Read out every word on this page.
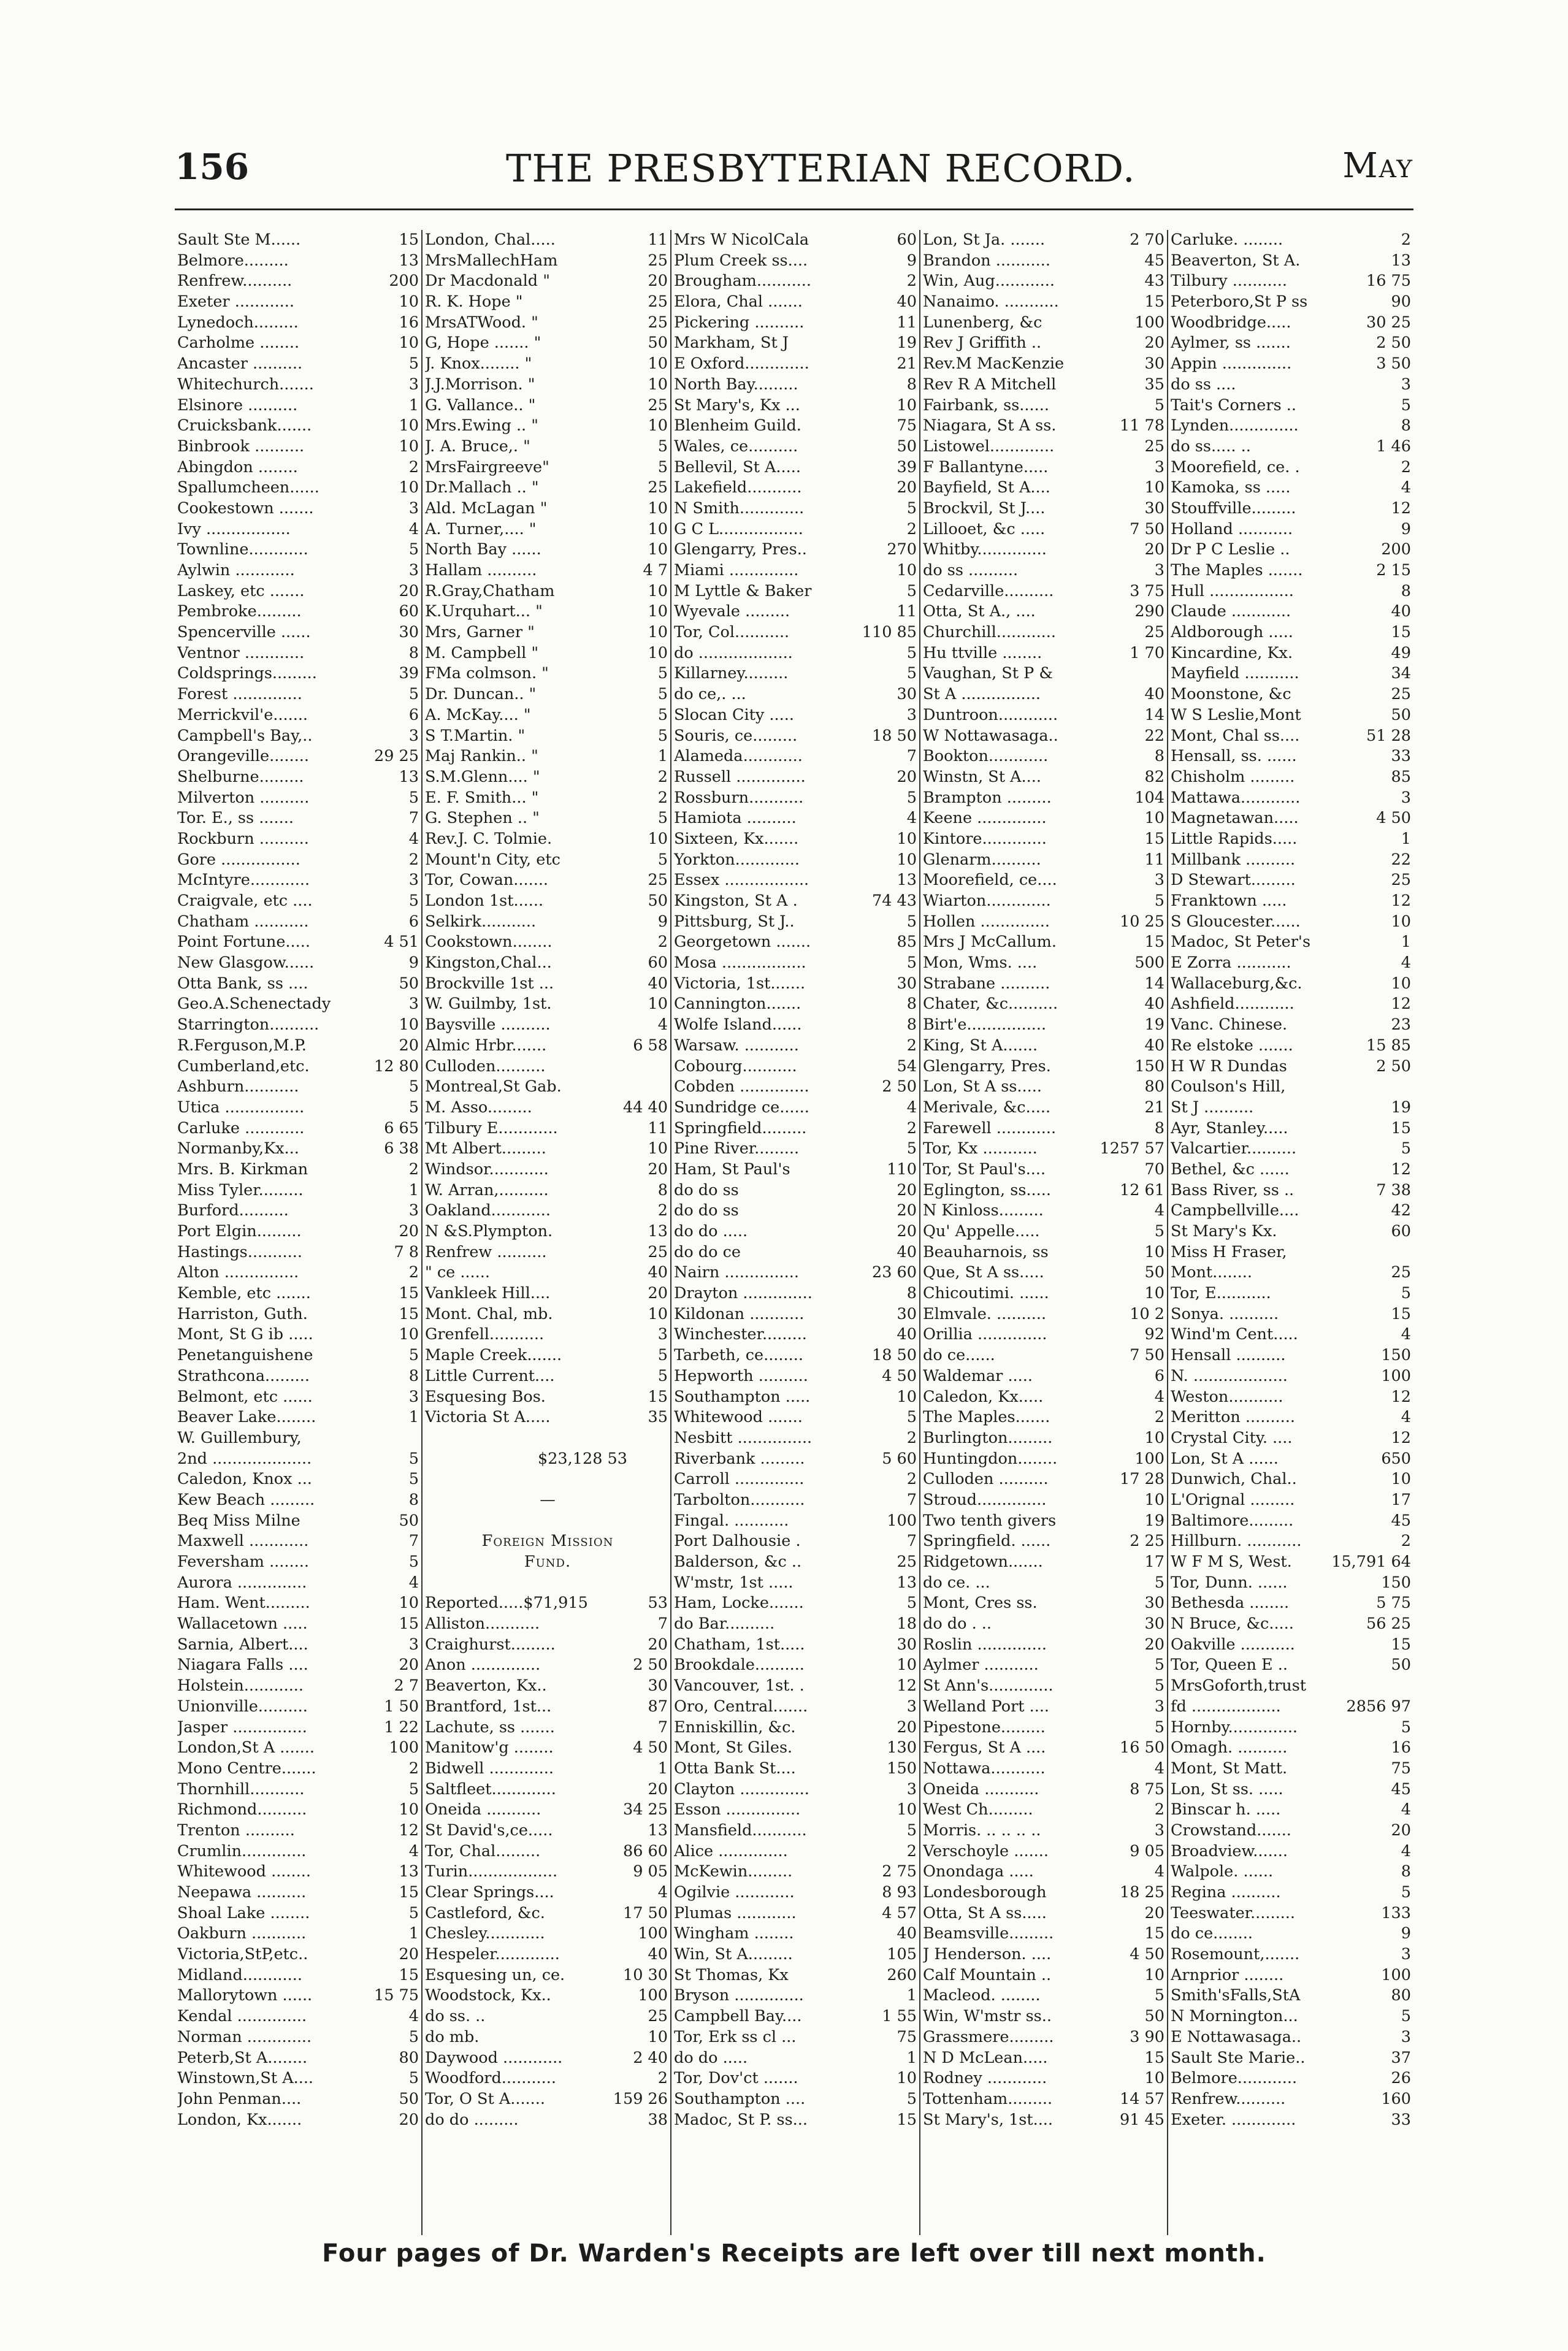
156	THE PRESBYTERIAN RECORD.	May
Sault Ste M......	15
Belmore.........	13
Renfrew..........	200
Exeter ............	10
Lynedoch.........	16
Carholme ........	10
Ancaster ..........	5
Whitechurch.......	3
Elsinore ..........	1
Cruicksbank.......	10
Binbrook ..........	10
Abingdon ........	2
Spallumcheen......	10
Cookestown .......	3
Ivy .................	4
Townline............	5
Aylwin ............	3
Laskey, etc .......	20
Pembroke.........	60
Spencerville ......	30
Ventnor ............	8
Coldsprings.........	39
Forest ..............	5
Merrickvil'e.......	6
Campbell's Bay,..	3
Orangeville........	29 25
Shelburne.........	13
Milverton ..........	5
Tor. E., ss .......	7
Rockburn ..........	4
Gore ................	2
McIntyre............	3
Craigvale, etc ....	5
Chatham ...........	6
Point Fortune.....	4 51
New Glasgow......	9
Otta Bank, ss ....	50
Geo.A.Schenectady	3
Starrington..........	10
R.Ferguson,M.P.	20
Cumberland,etc.	12 80
Ashburn...........	5
Utica ................	5
Carluke ............	6 65
Normanby,Kx...	6 38
Mrs. B. Kirkman	2
Miss Tyler.........	1
Burford..........	3
Port Elgin.........	20
Hastings...........	7 8
Alton ...............	2
Kemble, etc .......	15
Harriston, Guth.	15
Mont, St G ib .....	10
Penetanguishene	5
Strathcona.........	8
Belmont, etc ......	3
Beaver Lake........	1
W. Guillembury,
2nd ....................	5
Caledon, Knox ...	5
Kew Beach .........	8
Beq Miss Milne	50
Maxwell ............	7
Feversham ........	5
Aurora ..............	4
Ham. Went.........	10
Wallacetown .....	15
Sarnia, Albert....	3
Niagara Falls ....	20
Holstein............	2 7
Unionville..........	1 50
Jasper ...............	1 22
London,St A .......	100
Mono Centre.......	2
Thornhill...........	5
Richmond..........	10
Trenton ..........	12
Crumlin.............	4
Whitewood ........	13
Neepawa ..........	15
Shoal Lake ........	5
Oakburn ...........	1
Victoria,StP,etc..	20
Midland............	15
Mallorytown ......	15 75
Kendal ..............	4
Norman .............	5
Peterb,St A........	80
Winstown,St A....	5
John Penman....	50
London, Kx.......	20
London, Chal.....	11
MrsMallechHam	25
Dr Macdonald "	20
R. K. Hope "	25
MrsATWood. "	25
G, Hope ....... "	50
J. Knox........ "	10
J.J.Morrison. "	10
G. Vallance.. "	25
Mrs.Ewing .. "	10
J. A. Bruce,. "	5
MrsFairgreeve"	5
Dr.Mallach .. "	25
Ald. McLagan "	10
A. Turner,.... "	10
North Bay ......	10
Hallam ..........	4 7
R.Gray,Chatham	10
K.Urquhart... "	10
Mrs, Garner "	10
M. Campbell "	10
FMa colmson. "	5
Dr. Duncan.. "	5
A. McKay.... "	5
S T.Martin. "	5
Maj Rankin.. "	1
S.M.Glenn.... "	2
E. F. Smith... "	2
G. Stephen .. "	5
Rev.J. C. Tolmie.	10
Mount'n City, etc	5
Tor, Cowan.......	25
London 1st......	50
Selkirk...........	9
Cookstown........	2
Kingston,Chal...	60
Brockville 1st ...	40
W. Guilmby, 1st.	10
Baysville ..........	4
Almic Hrbr.......	6 58
Culloden..........
Montreal,St Gab.
M. Asso.........	44 40
Tilbury E............	11
Mt Albert.........	10
Windsor............	20
W. Arran,..........	8
Oakland............	2
N &S.Plympton.	13
Renfrew ..........	25
" ce ......	40
Vankleek Hill....	20
Mont. Chal, mb.	10
Grenfell...........	3
Maple Creek.......	5
Little Current....	5
Esquesing Bos.	15
Victoria St A.....	35
$23,128 53
—
Foreign Mission
Fund.
Reported.....$71,915	53
Alliston...........	7
Craighurst.........	20
Anon ..............	2 50
Beaverton, Kx..	30
Brantford, 1st...	87
Lachute, ss .......	7
Manitow'g ........	4 50
Bidwell .............	1
Saltfleet.............	20
Oneida ...........	34 25
St David's,ce.....	13
Tor, Chal.........	86 60
Turin..................	9 05
Clear Springs....	4
Castleford, &c.	17 50
Chesley............	100
Hespeler.............	40
Esquesing un, ce.	10 30
Woodstock, Kx..	100
do ss. ..	25
do mb.	10
Daywood ............	2 40
Woodford...........	2
Tor, O St A.......	159 26
do do .........	38
Mrs W NicolCala	60
Plum Creek ss....	9
Brougham...........	2
Elora, Chal .......	40
Pickering ..........	11
Markham, St J	19
E Oxford.............	21
North Bay.........	8
St Mary's, Kx ...	10
Blenheim Guild.	75
Wales, ce..........	50
Bellevil, St A.....	39
Lakefield...........	20
N Smith.............	5
G C L.................	2
Glengarry, Pres..	270
Miami ..............	10
M Lyttle & Baker	5
Wyevale .........	11
Tor, Col...........	110 85
do ...................	5
Killarney.........	5
do ce,. ...	30
Slocan City .....	3
Souris, ce.........	18 50
Alameda............	7
Russell ..............	20
Rossburn...........	5
Hamiota ..........	4
Sixteen, Kx.......	10
Yorkton.............	10
Essex .................	13
Kingston, St A .	74 43
Pittsburg, St J..	5
Georgetown .......	85
Mosa .................	5
Victoria, 1st.......	30
Cannington.......	8
Wolfe Island......	8
Warsaw. ...........	2
Cobourg...........	54
Cobden ..............	2 50
Sundridge ce......	4
Springfield.........	2
Pine River.........	5
Ham, St Paul's	110
do do ss	20
do do ss	20
do do .....	20
do do ce	40
Nairn ...............	23 60
Drayton ..............	8
Kildonan ...........	30
Winchester.........	40
Tarbeth, ce........	18 50
Hepworth ..........	4 50
Southampton .....	10
Whitewood .......	5
Nesbitt ...............	2
Riverbank .........	5 60
Carroll ..............	2
Tarbolton...........	7
Fingal. ...........	100
Port Dalhousie .	7
Balderson, &c ..	25
W'mstr, 1st .....	13
Ham, Locke.......	5
do Bar..........	18
Chatham, 1st.....	30
Brookdale..........	10
Vancouver, 1st. .	12
Oro, Central.......	3
Enniskillin, &c.	20
Mont, St Giles.	130
Otta Bank St....	150
Clayton ..............	3
Esson ...............	10
Mansfield...........	5
Alice ..............	2
McKewin.........	2 75
Ogilvie ............	8 93
Plumas ............	4 57
Wingham ........	40
Win, St A.........	105
St Thomas, Kx	260
Bryson ..............	1
Campbell Bay....	1 55
Tor, Erk ss cl ...	75
do do .....	1
Tor, Dov'ct .......	10
Southampton ....	5
Madoc, St P. ss...	15
Lon, St Ja. .......	2 70
Brandon ...........	45
Win, Aug............	43
Nanaimo. ...........	15
Lunenberg, &c	100
Rev J Griffith ..	20
Rev.M MacKenzie	30
Rev R A Mitchell	35
Fairbank, ss......	5
Niagara, St A ss.	11 78
Listowel.............	25
F Ballantyne.....	3
Bayfield, St A....	10
Brockvil, St J....	30
Lillooet, &c .....	7 50
Whitby..............	20
do ss ..........	3
Cedarville..........	3 75
Otta, St A., ....	290
Churchill............	25
Hu ttville ........	1 70
Vaughan, St P &
St A ................	40
Duntroon............	14
W Nottawasaga..	22
Bookton............	8
Winstn, St A....	82
Brampton .........	104
Keene ..............	10
Kintore.............	15
Glenarm..........	11
Moorefield, ce....	3
Wiarton.............	5
Hollen ..............	10 25
Mrs J McCallum.	15
Mon, Wms. ....	500
Strabane ..........	14
Chater, &c..........	40
Birt'e................	19
King, St A.......	40
Glengarry, Pres.	150
Lon, St A ss.....	80
Merivale, &c.....	21
Farewell ............	8
Tor, Kx ...........	1257 57
Tor, St Paul's....	70
Eglington, ss.....	12 61
N Kinloss.........	4
Qu' Appelle.....	5
Beauharnois, ss	10
Que, St A ss.....	50
Chicoutimi. ......	10
Elmvale. ..........	10 2
Orillia ..............	92
do ce......	7 50
Waldemar .....	6
Caledon, Kx.....	4
The Maples.......	2
Burlington.........	10
Huntingdon........	100
Culloden ..........	17 28
Stroud..............	10
Two tenth givers	19
Springfield. ......	2 25
Ridgetown.......	17
do ce. ...	5
Mont, Cres ss.	30
do do . ..	30
Roslin ..............	20
Aylmer ...........	5
St Ann's.............	5
Welland Port ....	3
Pipestone.........	5
Fergus, St A ....	16 50
Nottawa...........	4
Oneida ...........	8 75
West Ch.........	2
Morris. .. .. .. ..	3
Verschoyle .......	9 05
Onondaga .....	4
Londesborough	18 25
Otta, St A ss.....	20
Beamsville.........	15
J Henderson. ....	4 50
Calf Mountain ..	10
Macleod. ........	5
Win, W'mstr ss..	50
Grassmere.........	3 90
N D McLean.....	15
Rodney ............	10
Tottenham.........	14 57
St Mary's, 1st....	91 45
Carluke. ........	2
Beaverton, St A.	13
Tilbury ...........	16 75
Peterboro,St P ss	90
Woodbridge.....	30 25
Aylmer, ss .......	2 50
Appin ..............	3 50
do ss ....	3
Tait's Corners ..	5
Lynden..............	8
do ss..... ..	1 46
Moorefield, ce. .	2
Kamoka, ss .....	4
Stouffville.........	12
Holland ...........	9
Dr P C Leslie ..	200
The Maples .......	2 15
Hull .................	8
Claude ............	40
Aldborough .....	15
Kincardine, Kx.	49
Mayfield ...........	34
Moonstone, &c	25
W S Leslie,Mont	50
Mont, Chal ss....	51 28
Hensall, ss. ......	33
Chisholm .........	85
Mattawa............	3
Magnetawan.....	4 50
Little Rapids.....	1
Millbank ..........	22
D Stewart.........	25
Franktown .....	12
S Gloucester......	10
Madoc, St Peter's	1
E Zorra ...........	4
Wallaceburg,&c.	10
Ashfield............	12
Vanc. Chinese.	23
Re elstoke .......	15 85
H W R Dundas	2 50
Coulson's Hill,
St J ..........	19
Ayr, Stanley.....	15
Valcartier..........	5
Bethel, &c ......	12
Bass River, ss ..	7 38
Campbellville....	42
St Mary's Kx.	60
Miss H Fraser,
Mont........	25
Tor, E...........	5
Sonya. ..........	15
Wind'm Cent.....	4
Hensall ..........	150
N. ...................	100
Weston...........	12
Meritton ..........	4
Crystal City. ....	12
Lon, St A ......	650
Dunwich, Chal..	10
L'Orignal .........	17
Baltimore.........	45
Hillburn. ...........	2
W F M S, West.	15,791 64
Tor, Dunn. ......	150
Bethesda ........	5 75
N Bruce, &c.....	56 25
Oakville ...........	15
Tor, Queen E ..	50
MrsGoforth,trust
fd ..................	2856 97
Hornby..............	5
Omagh. ..........	16
Mont, St Matt.	75
Lon, St ss. .....	45
Binscar h. .....	4
Crowstand.......	20
Broadview.......	4
Walpole. ......	8
Regina ..........	5
Teeswater.........	133
do ce........	9
Rosemount,.......	3
Arnprior ........	100
Smith'sFalls,StA	80
N Mornington...	5
E Nottawasaga..	3
Sault Ste Marie..	37
Belmore............	26
Renfrew..........	160
Exeter. .............	33
Four pages of Dr. Warden's Receipts are left over till next month.
